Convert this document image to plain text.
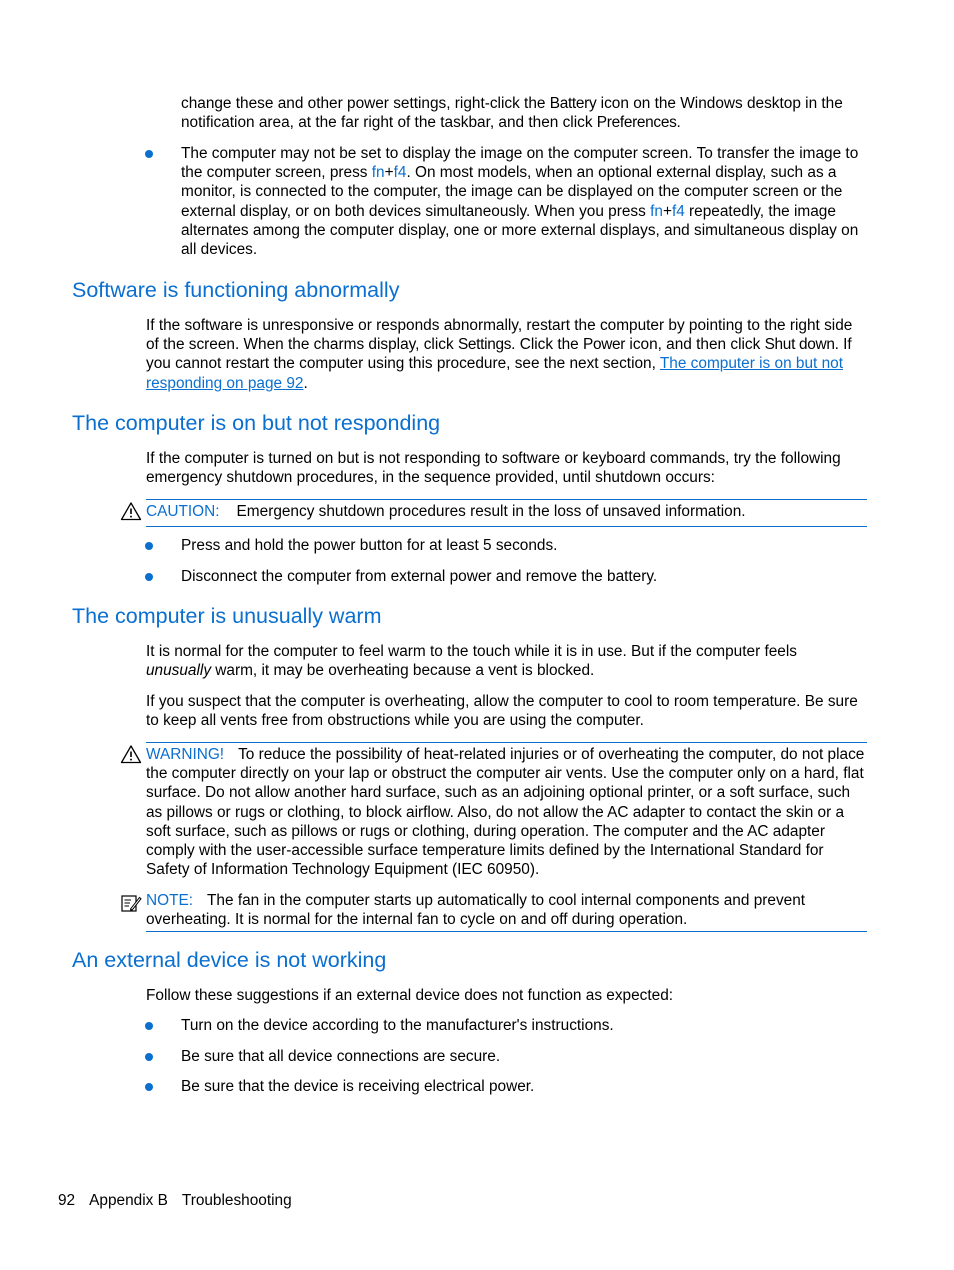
change these and other power settings, right-click the Battery icon on the Windows desktop in the notification area, at the far right of the taskbar, and then click Preferences.

The computer may not be set to display the image on the computer screen. To transfer the image to the computer screen, press fn+f4. On most models, when an optional external display, such as a monitor, is connected to the computer, the image can be displayed on the computer screen or the external display, or on both devices simultaneously. When you press fn+f4 repeatedly, the image alternates among the computer display, one or more external displays, and simultaneous display on all devices.

Software is functioning abnormally

If the software is unresponsive or responds abnormally, restart the computer by pointing to the right side of the screen. When the charms display, click Settings. Click the Power icon, and then click Shut down. If you cannot restart the computer using this procedure, see the next section, The computer is on but not responding on page 92.

The computer is on but not responding

If the computer is turned on but is not responding to software or keyboard commands, try the following emergency shutdown procedures, in the sequence provided, until shutdown occurs:

CAUTION: Emergency shutdown procedures result in the loss of unsaved information.

Press and hold the power button for at least 5 seconds.

Disconnect the computer from external power and remove the battery.

The computer is unusually warm

It is normal for the computer to feel warm to the touch while it is in use. But if the computer feels unusually warm, it may be overheating because a vent is blocked.

If you suspect that the computer is overheating, allow the computer to cool to room temperature. Be sure to keep all vents free from obstructions while you are using the computer.

WARNING! To reduce the possibility of heat-related injuries or of overheating the computer, do not place the computer directly on your lap or obstruct the computer air vents. Use the computer only on a hard, flat surface. Do not allow another hard surface, such as an adjoining optional printer, or a soft surface, such as pillows or rugs or clothing, to block airflow. Also, do not allow the AC adapter to contact the skin or a soft surface, such as pillows or rugs or clothing, during operation. The computer and the AC adapter comply with the user-accessible surface temperature limits defined by the International Standard for Safety of Information Technology Equipment (IEC 60950).

NOTE: The fan in the computer starts up automatically to cool internal components and prevent overheating. It is normal for the internal fan to cycle on and off during operation.

An external device is not working

Follow these suggestions if an external device does not function as expected:

Turn on the device according to the manufacturer's instructions.

Be sure that all device connections are secure.

Be sure that the device is receiving electrical power.

92 Appendix B Troubleshooting
